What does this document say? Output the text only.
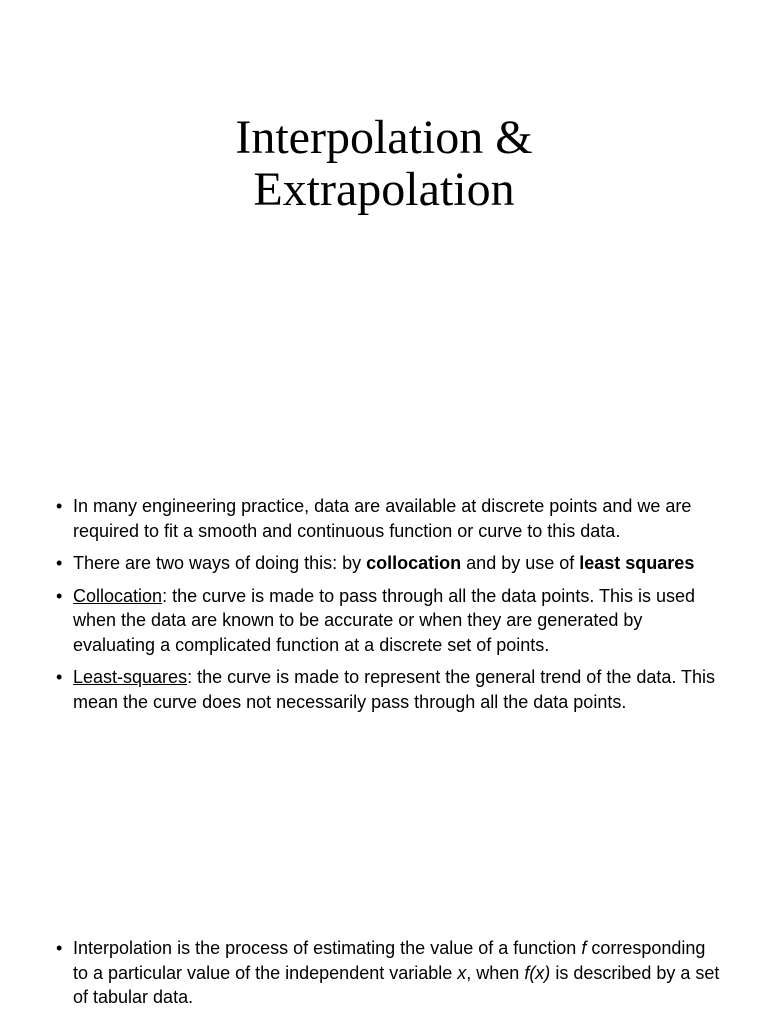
Interpolation &
Extrapolation
• In many engineering practice, data are available at discrete points and we are required to fit a smooth and continuous function or curve to this data.
• There are two ways of doing this: by collocation and by use of least squares
• Collocation: the curve is made to pass through all the data points. This is used when the data are known to be accurate or when they are generated by evaluating a complicated function at a discrete set of points.
• Least-squares: the curve is made to represent the general trend of the data. This mean the curve does not necessarily pass through all the data points.
• Interpolation is the process of estimating the value of a function f corresponding to a particular value of the independent variable x, when f(x) is described by a set of tabular data.
